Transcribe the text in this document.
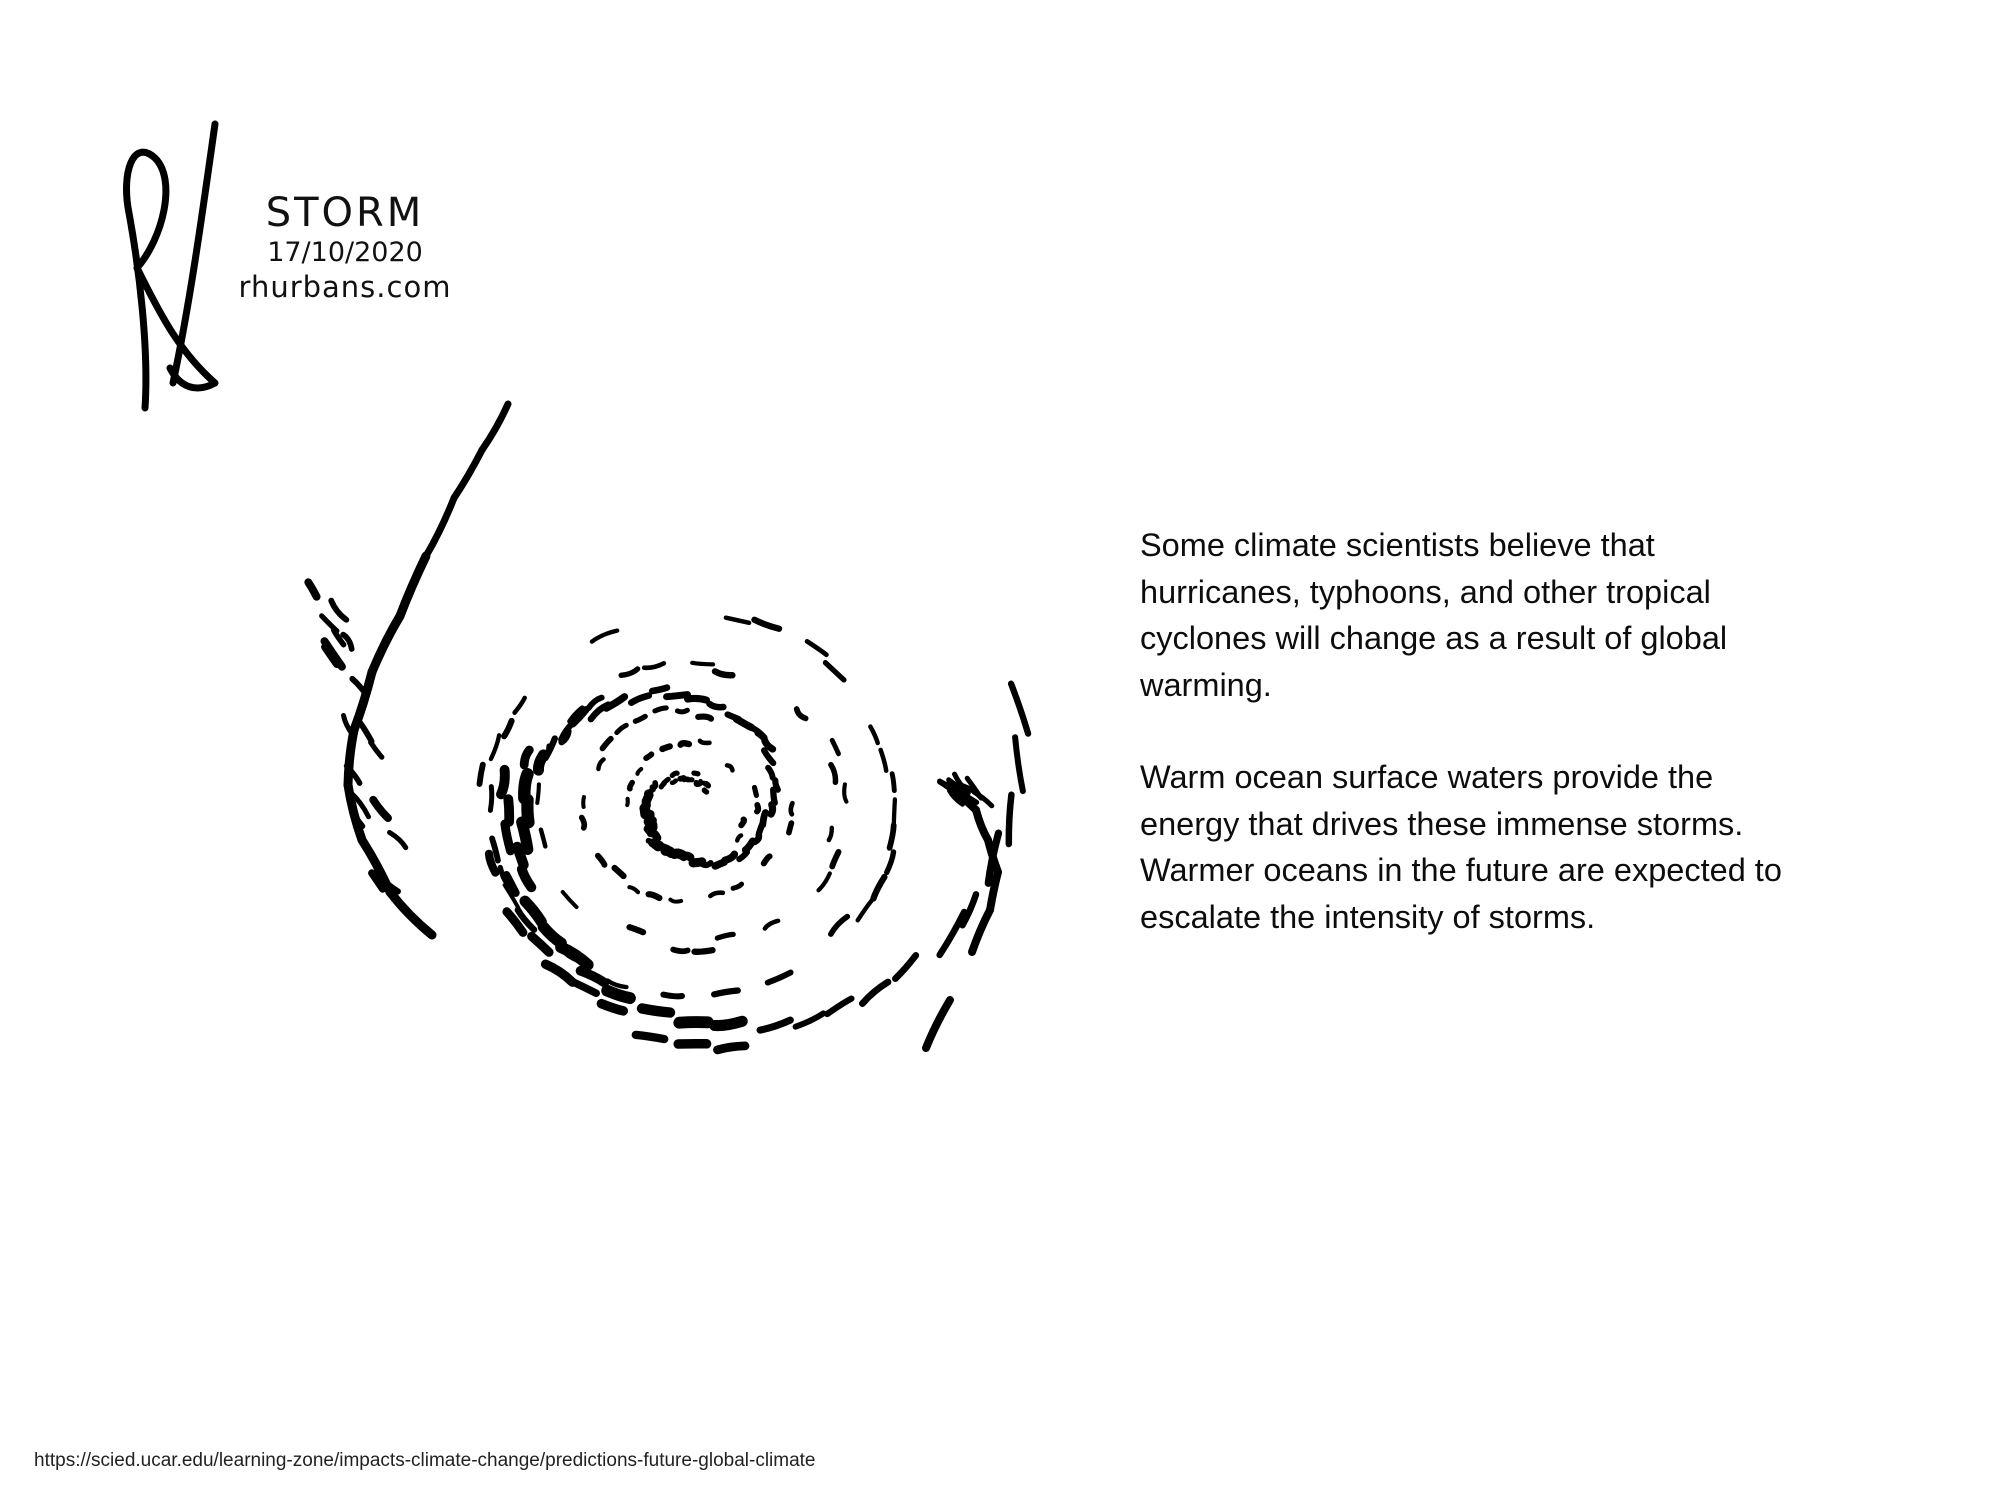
STORM
17/10/2020
rhurbans.com

Some climate scientists believe that hurricanes, typhoons, and other tropical cyclones will change as a result of global warming.

Warm ocean surface waters provide the energy that drives these immense storms. Warmer oceans in the future are expected to escalate the intensity of storms.

https://scied.ucar.edu/learning-zone/impacts-climate-change/predictions-future-global-climate
